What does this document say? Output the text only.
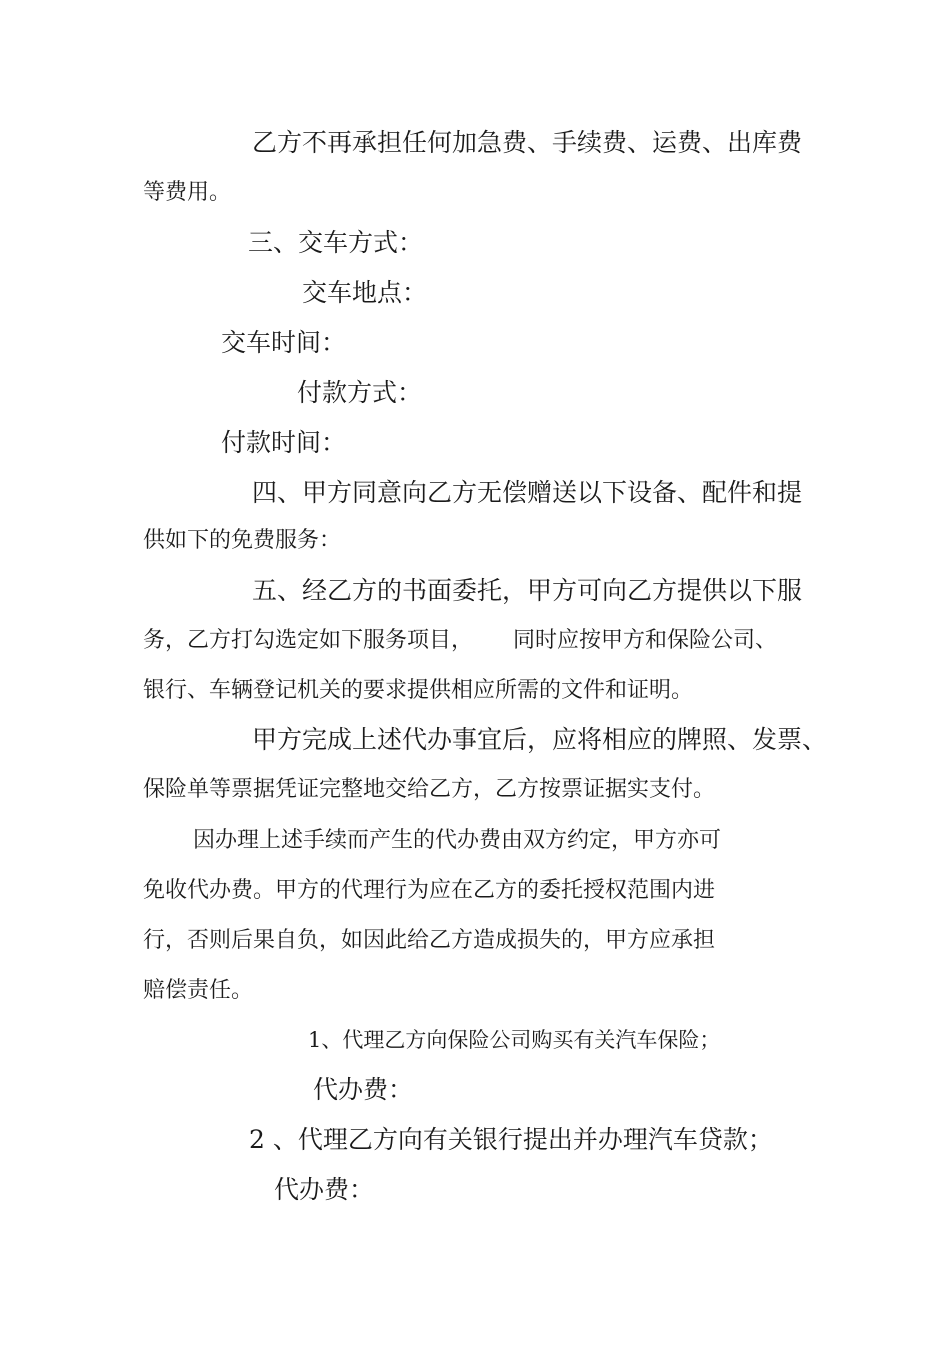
乙方不再承担任何加急费、手续费、运费、出库费
等费用。
三、交车方式：
交车地点：
交车时间：
付款方式：
付款时间：
四、甲方同意向乙方无偿赠送以下设备、配件和提
供如下的免费服务：
五、经乙方的书面委托，甲方可向乙方提供以下服
务，乙方打勾选定如下服务项目， 同时应按甲方和保险公司、
银行、车辆登记机关的要求提供相应所需的文件和证明。
甲方完成上述代办事宜后，应将相应的牌照、发票、
保险单等票据凭证完整地交给乙方，乙方按票证据实支付。
因办理上述手续而产生的代办费由双方约定，甲方亦可
免收代办费。甲方的代理行为应在乙方的委托授权范围内进
行，否则后果自负，如因此给乙方造成损失的，甲方应承担
赔偿责任。
1、代理乙方向保险公司购买有关汽车保险；
代办费：
2 、代理乙方向有关银行提出并办理汽车贷款；
代办费：
